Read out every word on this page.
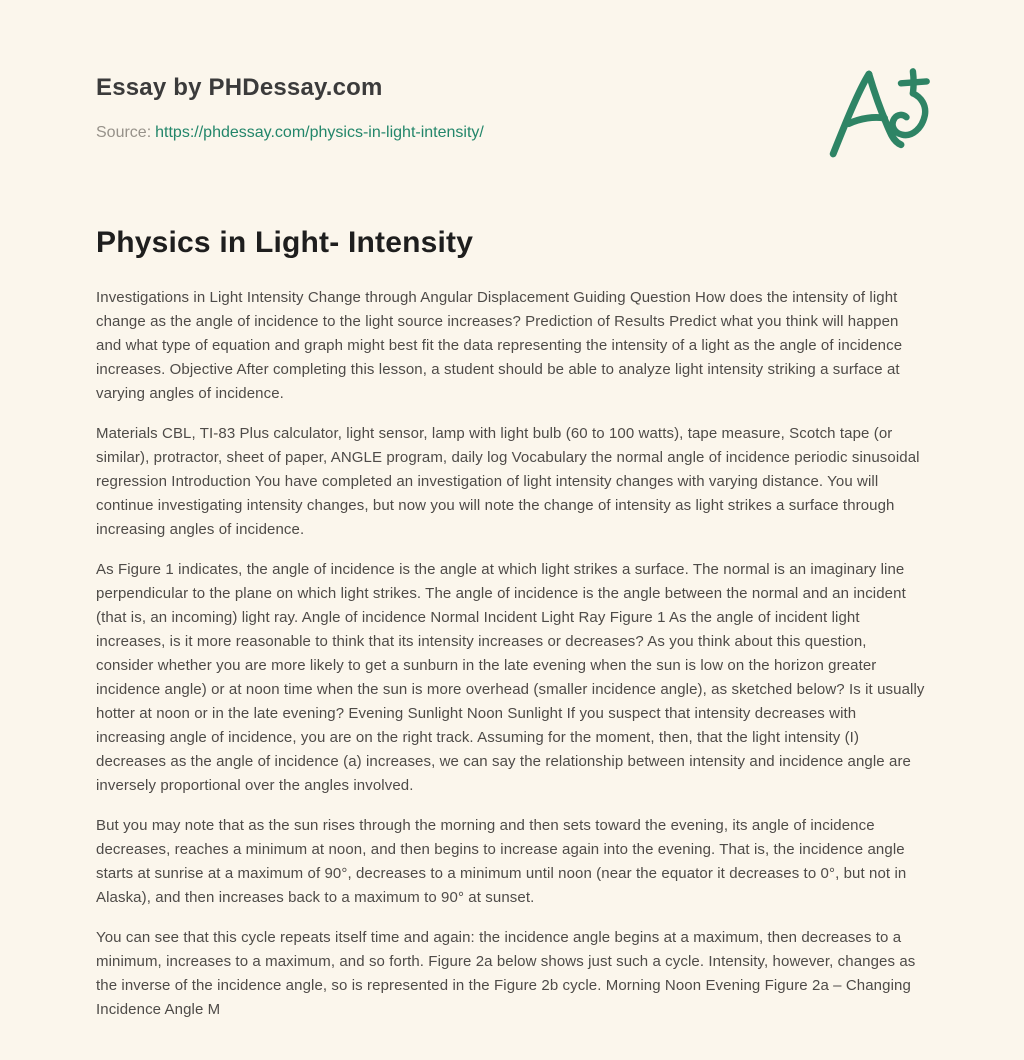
Essay by PHDessay.com
Source: https://phdessay.com/physics-in-light-intensity/
Physics in Light- Intensity

Investigations in Light Intensity Change through Angular Displacement Guiding Question How does the intensity of light change as the angle of incidence to the light source increases? Prediction of Results Predict what you think will happen and what type of equation and graph might best fit the data representing the intensity of a light as the angle of incidence increases. Objective After completing this lesson, a student should be able to analyze light intensity striking a surface at varying angles of incidence.

Materials CBL, TI-83 Plus calculator, light sensor, lamp with light bulb (60 to 100 watts), tape measure, Scotch tape (or similar), protractor, sheet of paper, ANGLE program, daily log Vocabulary the normal angle of incidence periodic sinusoidal regression Introduction You have completed an investigation of light intensity changes with varying distance. You will continue investigating intensity changes, but now you will note the change of intensity as light strikes a surface through increasing angles of incidence.

As Figure 1 indicates, the angle of incidence is the angle at which light strikes a surface. The normal is an imaginary line perpendicular to the plane on which light strikes. The angle of incidence is the angle between the normal and an incident (that is, an incoming) light ray. Angle of incidence Normal Incident Light Ray Figure 1 As the angle of incident light increases, is it more reasonable to think that its intensity increases or decreases? As you think about this question, consider whether you are more likely to get a sunburn in the late evening when the sun is low on the horizon greater incidence angle) or at noon time when the sun is more overhead (smaller incidence angle), as sketched below? Is it usually hotter at noon or in the late evening? Evening Sunlight Noon Sunlight If you suspect that intensity decreases with increasing angle of incidence, you are on the right track. Assuming for the moment, then, that the light intensity (I) decreases as the angle of incidence (a) increases, we can say the relationship between intensity and incidence angle are inversely proportional over the angles involved.

But you may note that as the sun rises through the morning and then sets toward the evening, its angle of incidence decreases, reaches a minimum at noon, and then begins to increase again into the evening. That is, the incidence angle starts at sunrise at a maximum of 90°, decreases to a minimum until noon (near the equator it decreases to 0°, but not in Alaska), and then increases back to a maximum to 90° at sunset.

You can see that this cycle repeats itself time and again: the incidence angle begins at a maximum, then decreases to a minimum, increases to a maximum, and so forth. Figure 2a below shows just such a cycle. Intensity, however, changes as the inverse of the incidence angle, so is represented in the Figure 2b cycle. Morning Noon Evening Figure 2a – Changing Incidence Angle M
